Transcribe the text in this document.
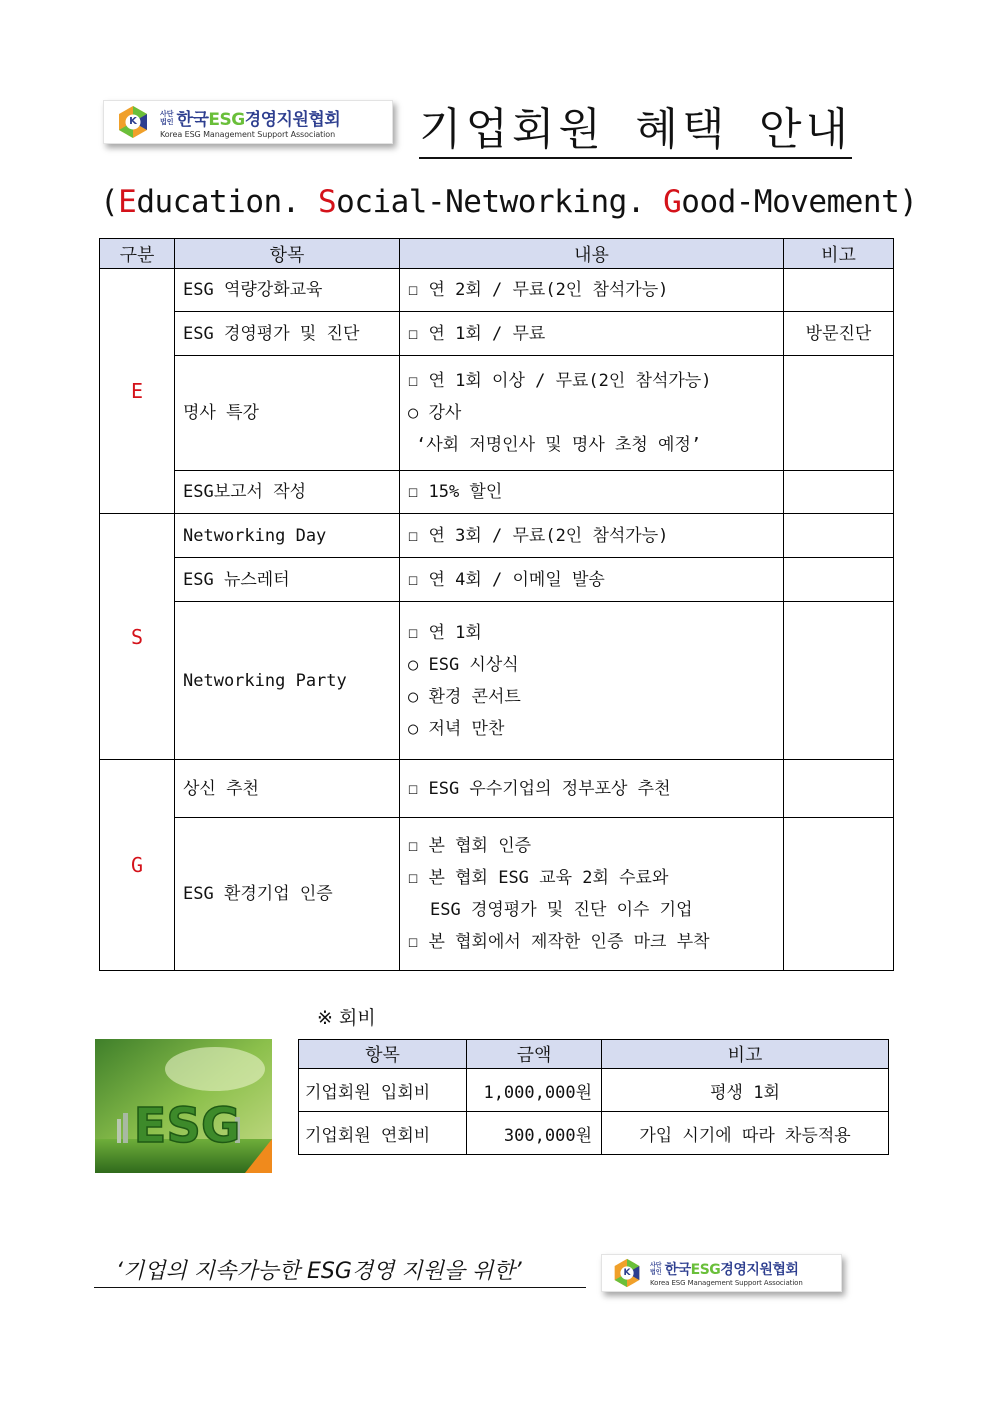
K
사단
법인 한국ESG경영지원협회
Korea ESG Management Support Association 기업회원 혜택 안내
(Education. Social-Networking. Good-Movement)
구분	항목	내용	비고
E	ESG 역량강화교육	☐ 연 2회 / 무료(2인 참석가능)	

	ESG 경영평가 및 진단	☐ 연 1회 / 무료	방문진단
	명사 특강	☐ 연 1회 이상 / 무료(2인 참석가능)
○ 강사
‘사회 저명인사 및 명사 초청 예정’	

	ESG보고서 작성	☐ 15% 할인	

S	Networking Day	☐ 연 3회 / 무료(2인 참석가능)	

	ESG 뉴스레터	☐ 연 4회 / 이메일 발송	

	Networking Party	☐ 연 1회
○ ESG 시상식
○ 환경 콘서트
○ 저녁 만찬	

G	상신 추천	☐ ESG 우수기업의 정부포상 추천	

	ESG 환경기업 인증	☐ 본 협회 인증
☐ 본 협회 ESG 교육 2회 수료와
ESG 경영평가 및 진단 이수 기업
☐ 본 협회에서 제작한 인증 마크 부착	

※ 회비
ESG
항목	금액	비고
기업회원 입회비	1,000,000원	평생 1회
기업회원 연회비	300,000원	가입 시기에 따라 차등적용
‘기업의 지속가능한 ESG경영 지원을 위한’	K
사단
법인 한국ESG경영지원협회
Korea ESG Management Support Association
